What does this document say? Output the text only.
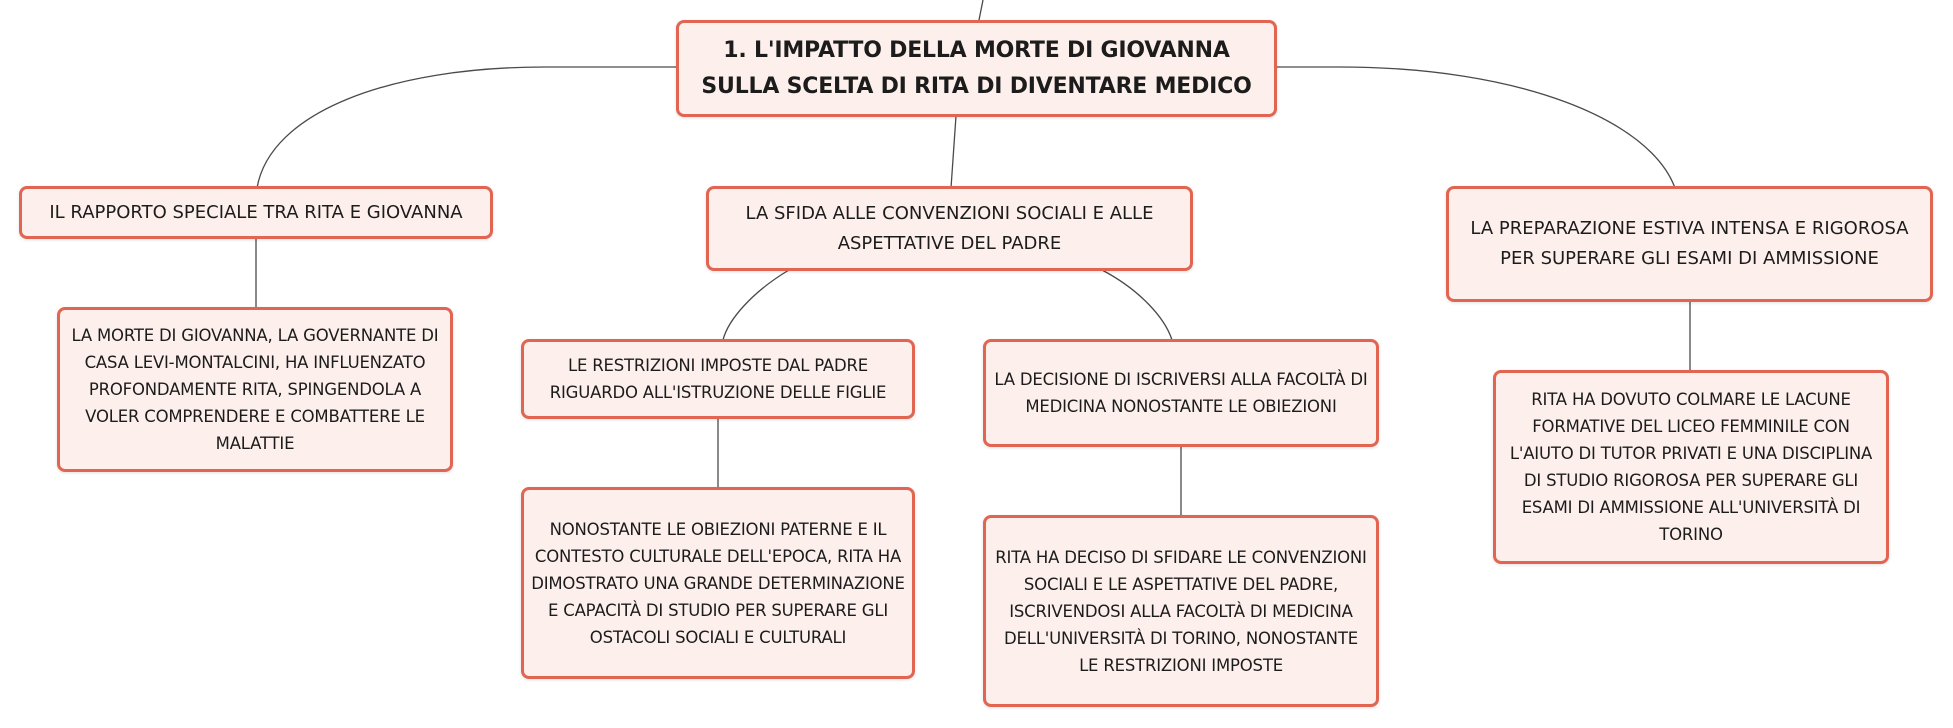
1. L'IMPATTO DELLA MORTE DI GIOVANNA SULLA SCELTA DI RITA DI DIVENTARE MEDICO
IL RAPPORTO SPECIALE TRA RITA E GIOVANNA	LA SFIDA ALLE CONVENZIONI SOCIALI E ALLE ASPETTATIVE DEL PADRE
LA PREPARAZIONE ESTIVA INTENSA E RIGOROSA PER SUPERARE GLI ESAMI DI AMMISSIONE
LA MORTE DI GIOVANNA, LA GOVERNANTE DI CASA LEVI-MONTALCINI, HA INFLUENZATO PROFONDAMENTE RITA, SPINGENDOLA A VOLER COMPRENDERE E COMBATTERE LE MALATTIE
LE RESTRIZIONI IMPOSTE DAL PADRE RIGUARDO ALL'ISTRUZIONE DELLE FIGLIE
LA DECISIONE DI ISCRIVERSI ALLA FACOLTÀ DI MEDICINA NONOSTANTE LE OBIEZIONI	RITA HA DOVUTO COLMARE LE LACUNE FORMATIVE DEL LICEO FEMMINILE CON L'AIUTO DI TUTOR PRIVATI E UNA DISCIPLINA DI STUDIO RIGOROSA PER SUPERARE GLI ESAMI DI AMMISSIONE ALL'UNIVERSITÀ DI TORINO
NONOSTANTE LE OBIEZIONI PATERNE E IL CONTESTO CULTURALE DELL'EPOCA, RITA HA DIMOSTRATO UNA GRANDE DETERMINAZIONE E CAPACITÀ DI STUDIO PER SUPERARE GLI OSTACOLI SOCIALI E CULTURALI
RITA HA DECISO DI SFIDARE LE CONVENZIONI SOCIALI E LE ASPETTATIVE DEL PADRE, ISCRIVENDOSI ALLA FACOLTÀ DI MEDICINA DELL'UNIVERSITÀ DI TORINO, NONOSTANTE LE RESTRIZIONI IMPOSTE
